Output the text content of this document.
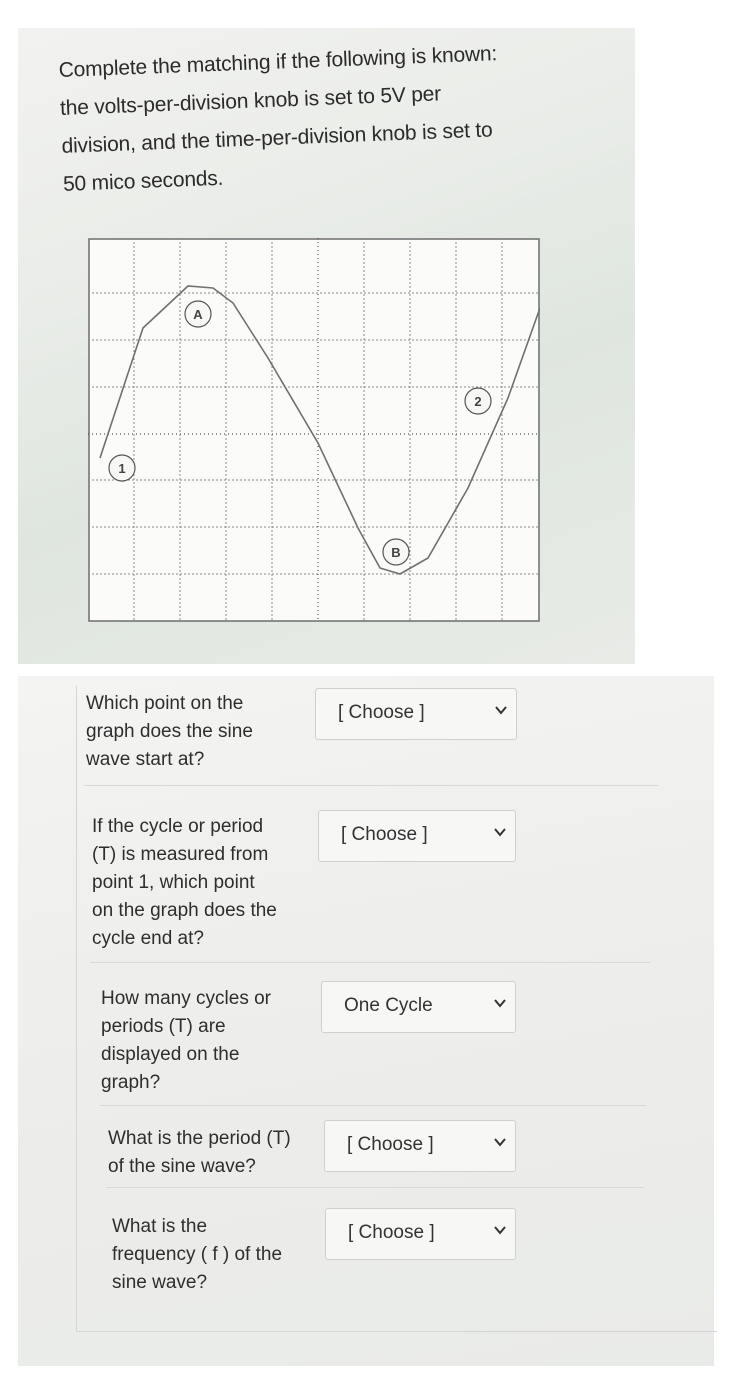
Complete the matching if the following is known:
the volts-per-division knob is set to 5V per
division, and the time-per-division knob is set to
50 mico seconds.
A
B
1
2
Which point on the
graph does the sine
wave start at?
[ Choose ]
If the cycle or period
(T) is measured from
point 1, which point
on the graph does the
cycle end at?
[ Choose ]
How many cycles or
periods (T) are
displayed on the
graph?
One Cycle
What is the period (T)
of the sine wave?
[ Choose ]
What is the
frequency ( f ) of the
sine wave?
[ Choose ]
